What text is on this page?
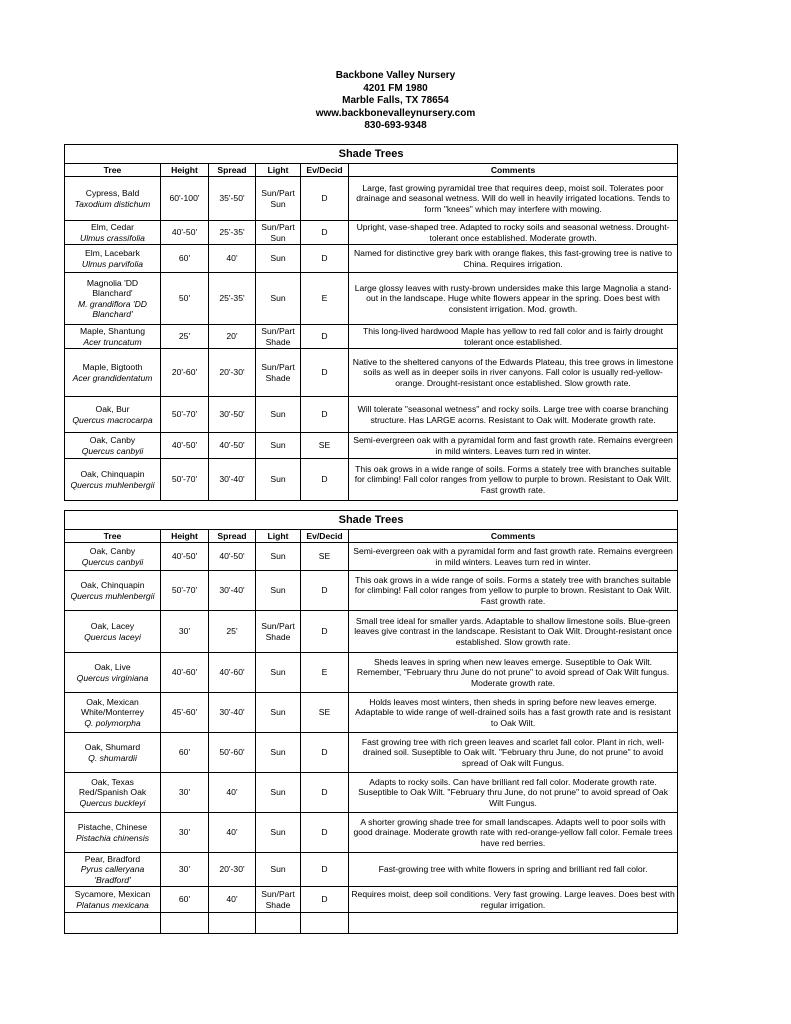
Backbone Valley Nursery
4201 FM 1980
Marble Falls, TX 78654
www.backbonevalleynursery.com
830-693-9348
Shade Trees					
Tree	Height	Spread	Light	Ev/Decid	Comments

Cypress, Bald
Taxodium distichum	60'-100'	35'-50'	Sun/Part Sun	D	Large, fast growing pyramidal tree that requires deep, moist soil. Tolerates poor drainage and seasonal wetness. Will do well in heavily irrigated locations. Tends to form "knees" which may interfere with mowing.

Elm, Cedar
Ulmus crassifolia	40'-50'	25'-35'	Sun/Part Sun	D	Upright, vase-shaped tree. Adapted to rocky soils and seasonal wetness. Drought-tolerant once established. Moderate growth.

Elm, Lacebark
Ulmus parvifolia	60'	40'	Sun	D	Named for distinctive grey bark with orange flakes, this fast-growing tree is native to China. Requires irrigation.

Magnolia 'DD Blanchard'
M. grandiflora 'DD Blanchard'	50'	25'-35'	Sun	E	Large glossy leaves with rusty-brown undersides make this large Magnolia a stand-out in the landscape. Huge white flowers appear in the spring. Does best with consistent irrigation. Mod. growth.

Maple, Shantung
Acer truncatum	25'	20'	Sun/Part Shade	D	This long-lived hardwood Maple has yellow to red fall color and is fairly drought tolerant once established.

Maple, Bigtooth
Acer grandidentatum	20'-60'	20'-30'	Sun/Part Shade	D	Native to the sheltered canyons of the Edwards Plateau, this tree grows in limestone soils as well as in deeper soils in river canyons. Fall color is usually red-yellow-orange. Drought-resistant once established. Slow growth rate.

Oak, Bur
Quercus macrocarpa	50'-70'	30'-50'	Sun	D	Will tolerate "seasonal wetness" and rocky soils. Large tree with coarse branching structure. Has LARGE acorns. Resistant to Oak wilt. Moderate growth rate.

Oak, Canby
Quercus canbyii	40'-50'	40'-50'	Sun	SE	Semi-evergreen oak with a pyramidal form and fast growth rate. Remains evergreen in mild winters. Leaves turn red in winter.

Oak, Chinquapin
Quercus muhlenbergii	50'-70'	30'-40'	Sun	D	This oak grows in a wide range of soils. Forms a stately tree with branches suitable for climbing! Fall color ranges from yellow to purple to brown. Resistant to Oak Wilt. Fast growth rate.
Shade Trees					
Tree	Height	Spread	Light	Ev/Decid	Comments

Oak, Canby
Quercus canbyii	40'-50'	40'-50'	Sun	SE	Semi-evergreen oak with a pyramidal form and fast growth rate. Remains evergreen in mild winters. Leaves turn red in winter.

Oak, Chinquapin
Quercus muhlenbergii	50'-70'	30'-40'	Sun	D	This oak grows in a wide range of soils. Forms a stately tree with branches suitable for climbing! Fall color ranges from yellow to purple to brown. Resistant to Oak Wilt. Fast growth rate.

Oak, Lacey
Quercus laceyi	30'	25'	Sun/Part Shade	D	Small tree ideal for smaller yards. Adaptable to shallow limestone soils. Blue-green leaves give contrast in the landscape. Resistant to Oak Wilt. Drought-resistant once established. Slow growth rate.

Oak, Live
Quercus virginiana	40'-60'	40'-60'	Sun	E	Sheds leaves in spring when new leaves emerge. Suseptible to Oak Wilt. Remember, "February thru June do not prune" to avoid spread of Oak Wilt fungus. Moderate growth rate.

Oak, Mexican White/Monterrey
Q. polymorpha	45'-60'	30'-40'	Sun	SE	Holds leaves most winters, then sheds in spring before new leaves emerge. Adaptable to wide range of well-drained soils has a fast growth rate and is resistant to Oak Wilt.

Oak, Shumard
Q. shumardii	60'	50'-60'	Sun	D	Fast growing tree with rich green leaves and scarlet fall color. Plant in rich, well-drained soil. Suseptible to Oak wilt. "February thru June, do not prune" to avoid spread of Oak wilt Fungus.

Oak, Texas Red/Spanish Oak
Quercus buckleyi	30'	40'	Sun	D	Adapts to rocky soils. Can have brilliant red fall color. Moderate growth rate. Suseptible to Oak Wilt. "February thru June, do not prune" to avoid spread of Oak Wilt Fungus.

Pistache, Chinese
Pistachia chinensis	30'	40'	Sun	D	A shorter growing shade tree for small landscapes. Adapts well to poor soils with good drainage. Moderate growth rate with red-orange-yellow fall color. Female trees have red berries.

Pear, Bradford
Pyrus calleryana 'Bradford'	30'	20'-30'	Sun	D	Fast-growing tree with white flowers in spring and brilliant red fall color.

Sycamore, Mexican
Platanus mexicana	60'	40'	Sun/Part Shade	D	Requires moist, deep soil conditions. Very fast growing. Large leaves. Does best with regular irrigation.
